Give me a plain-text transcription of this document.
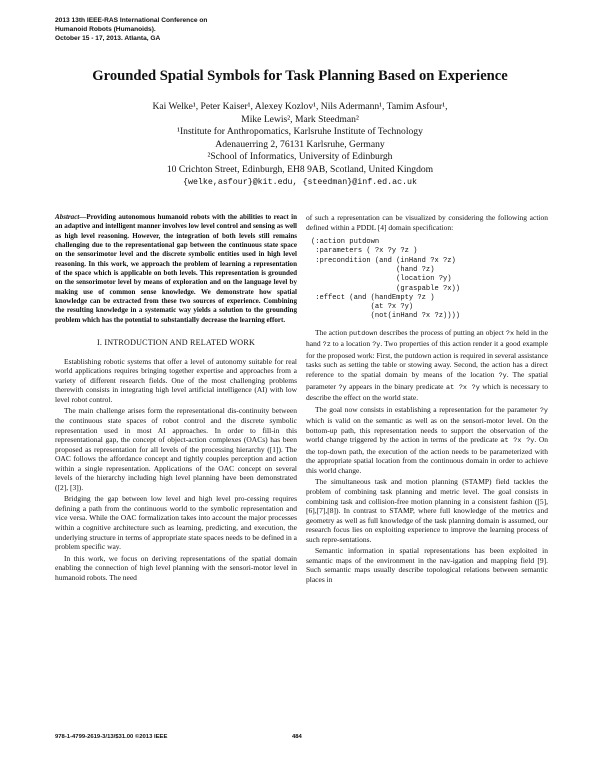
2013 13th IEEE-RAS International Conference on
Humanoid Robots (Humanoids).
October 15 - 17, 2013. Atlanta, GA
Grounded Spatial Symbols for Task Planning Based on Experience
Kai Welke¹, Peter Kaiser¹, Alexey Kozlov¹, Nils Adermann¹, Tamim Asfour¹,
Mike Lewis², Mark Steedman²
¹Institute for Anthropomatics, Karlsruhe Institute of Technology
Adenauerring 2, 76131 Karlsruhe, Germany
²School of Informatics, University of Edinburgh
10 Crichton Street, Edinburgh, EH8 9AB, Scotland, United Kingdom
{welke,asfour}@kit.edu, {steedman}@inf.ed.ac.uk
Abstract—Providing autonomous humanoid robots with the abilities to react in an adaptive and intelligent manner involves low level control and sensing as well as high level reasoning. However, the integration of both levels still remains challenging due to the representational gap between the continuous state space on the sensorimotor level and the discrete symbolic entities used in high level reasoning. In this work, we approach the problem of learning a representation of the space which is applicable on both levels. This representation is grounded on the sensorimotor level by means of exploration and on the language level by making use of common sense knowledge. We demonstrate how spatial knowledge can be extracted from these two sources of experience. Combining the resulting knowledge in a systematic way yields a solution to the grounding problem which has the potential to substantially decrease the learning effort.
I. INTRODUCTION AND RELATED WORK

Establishing robotic systems that offer a level of autonomy suitable for real world applications requires bringing together expertise and approaches from a variety of different research fields. One of the most challenging problems therewith consists in integrating high level artificial intelligence (AI) with low level robot control.

The main challenge arises form the representational dis-continuity between the continuous state spaces of robot control and the discrete symbolic representation used in most AI approaches. In order to fill-in this representational gap, the concept of object-action complexes (OACs) has been proposed as representation for all levels of the processing hierarchy ([1]). The OAC follows the affordance concept and tightly couples perception and action within a single representation. Applications of the OAC concept on several levels of the hierarchy including high level planning have been demonstrated ([2], [3]).

Bridging the gap between low level and high level pro-cessing requires defining a path from the continuous world to the symbolic representation and vice versa. While the OAC formalization takes into account the major processes within a cognitive architecture such as learning, predicting, and execution, the underlying structure in terms of appropriate state spaces needs to be defined in a problem specific way.

In this work, we focus on deriving representations of the spatial domain enabling the connection of high level planning with the sensori-motor level in humanoid robots. The need

of such a representation can be visualized by considering the following action defined within a PDDL [4] domain specification:

(:action putdown
:parameters ( ?x ?y ?z )
:precondition (and (inHand ?x ?z)
(hand ?z)
(location ?y)
(graspable ?x))
:effect (and (handEmpty ?z )
(at ?x ?y)
(not(inHand ?x ?z))))

The action putdown describes the process of putting an object ?x held in the hand ?z to a location ?y. Two properties of this action render it a good example for the proposed work: First, the putdown action is required in several assistance tasks such as setting the table or stowing away. Second, the action has a direct reference to the spatial domain by means of the location ?y. The spatial parameter ?y appears in the binary predicate at ?x ?y which is necessary to describe the effect on the world state.

The goal now consists in establishing a representation for the parameter ?y which is valid on the semantic as well as on the sensori-motor level. On the bottom-up path, this representation needs to support the observation of the world change triggered by the action in terms of the predicate at ?x ?y. On the top-down path, the execution of the action needs to be parameterized with the appropriate spatial location from the continuous domain in order to achieve this world change.

The simultaneous task and motion planning (STAMP) field tackles the problem of combining task planning and metric level. The goal consists in combining task and collision-free motion planning in a consistent fashion ([5],[6],[7],[8]). In contrast to STAMP, where full knowledge of the metrics and geometry as well as full knowledge of the task planning domain is assumed, our research focus lies on exploiting experience to improve the learning process of such repre-sentations.

Semantic information in spatial representations has been exploited in semantic maps of the environment in the nav-igation and mapping field [9]. Such semantic maps usually describe topological relations between semantic places in

978-1-4799-2619-3/13/$31.00 ©2013 IEEE	484
